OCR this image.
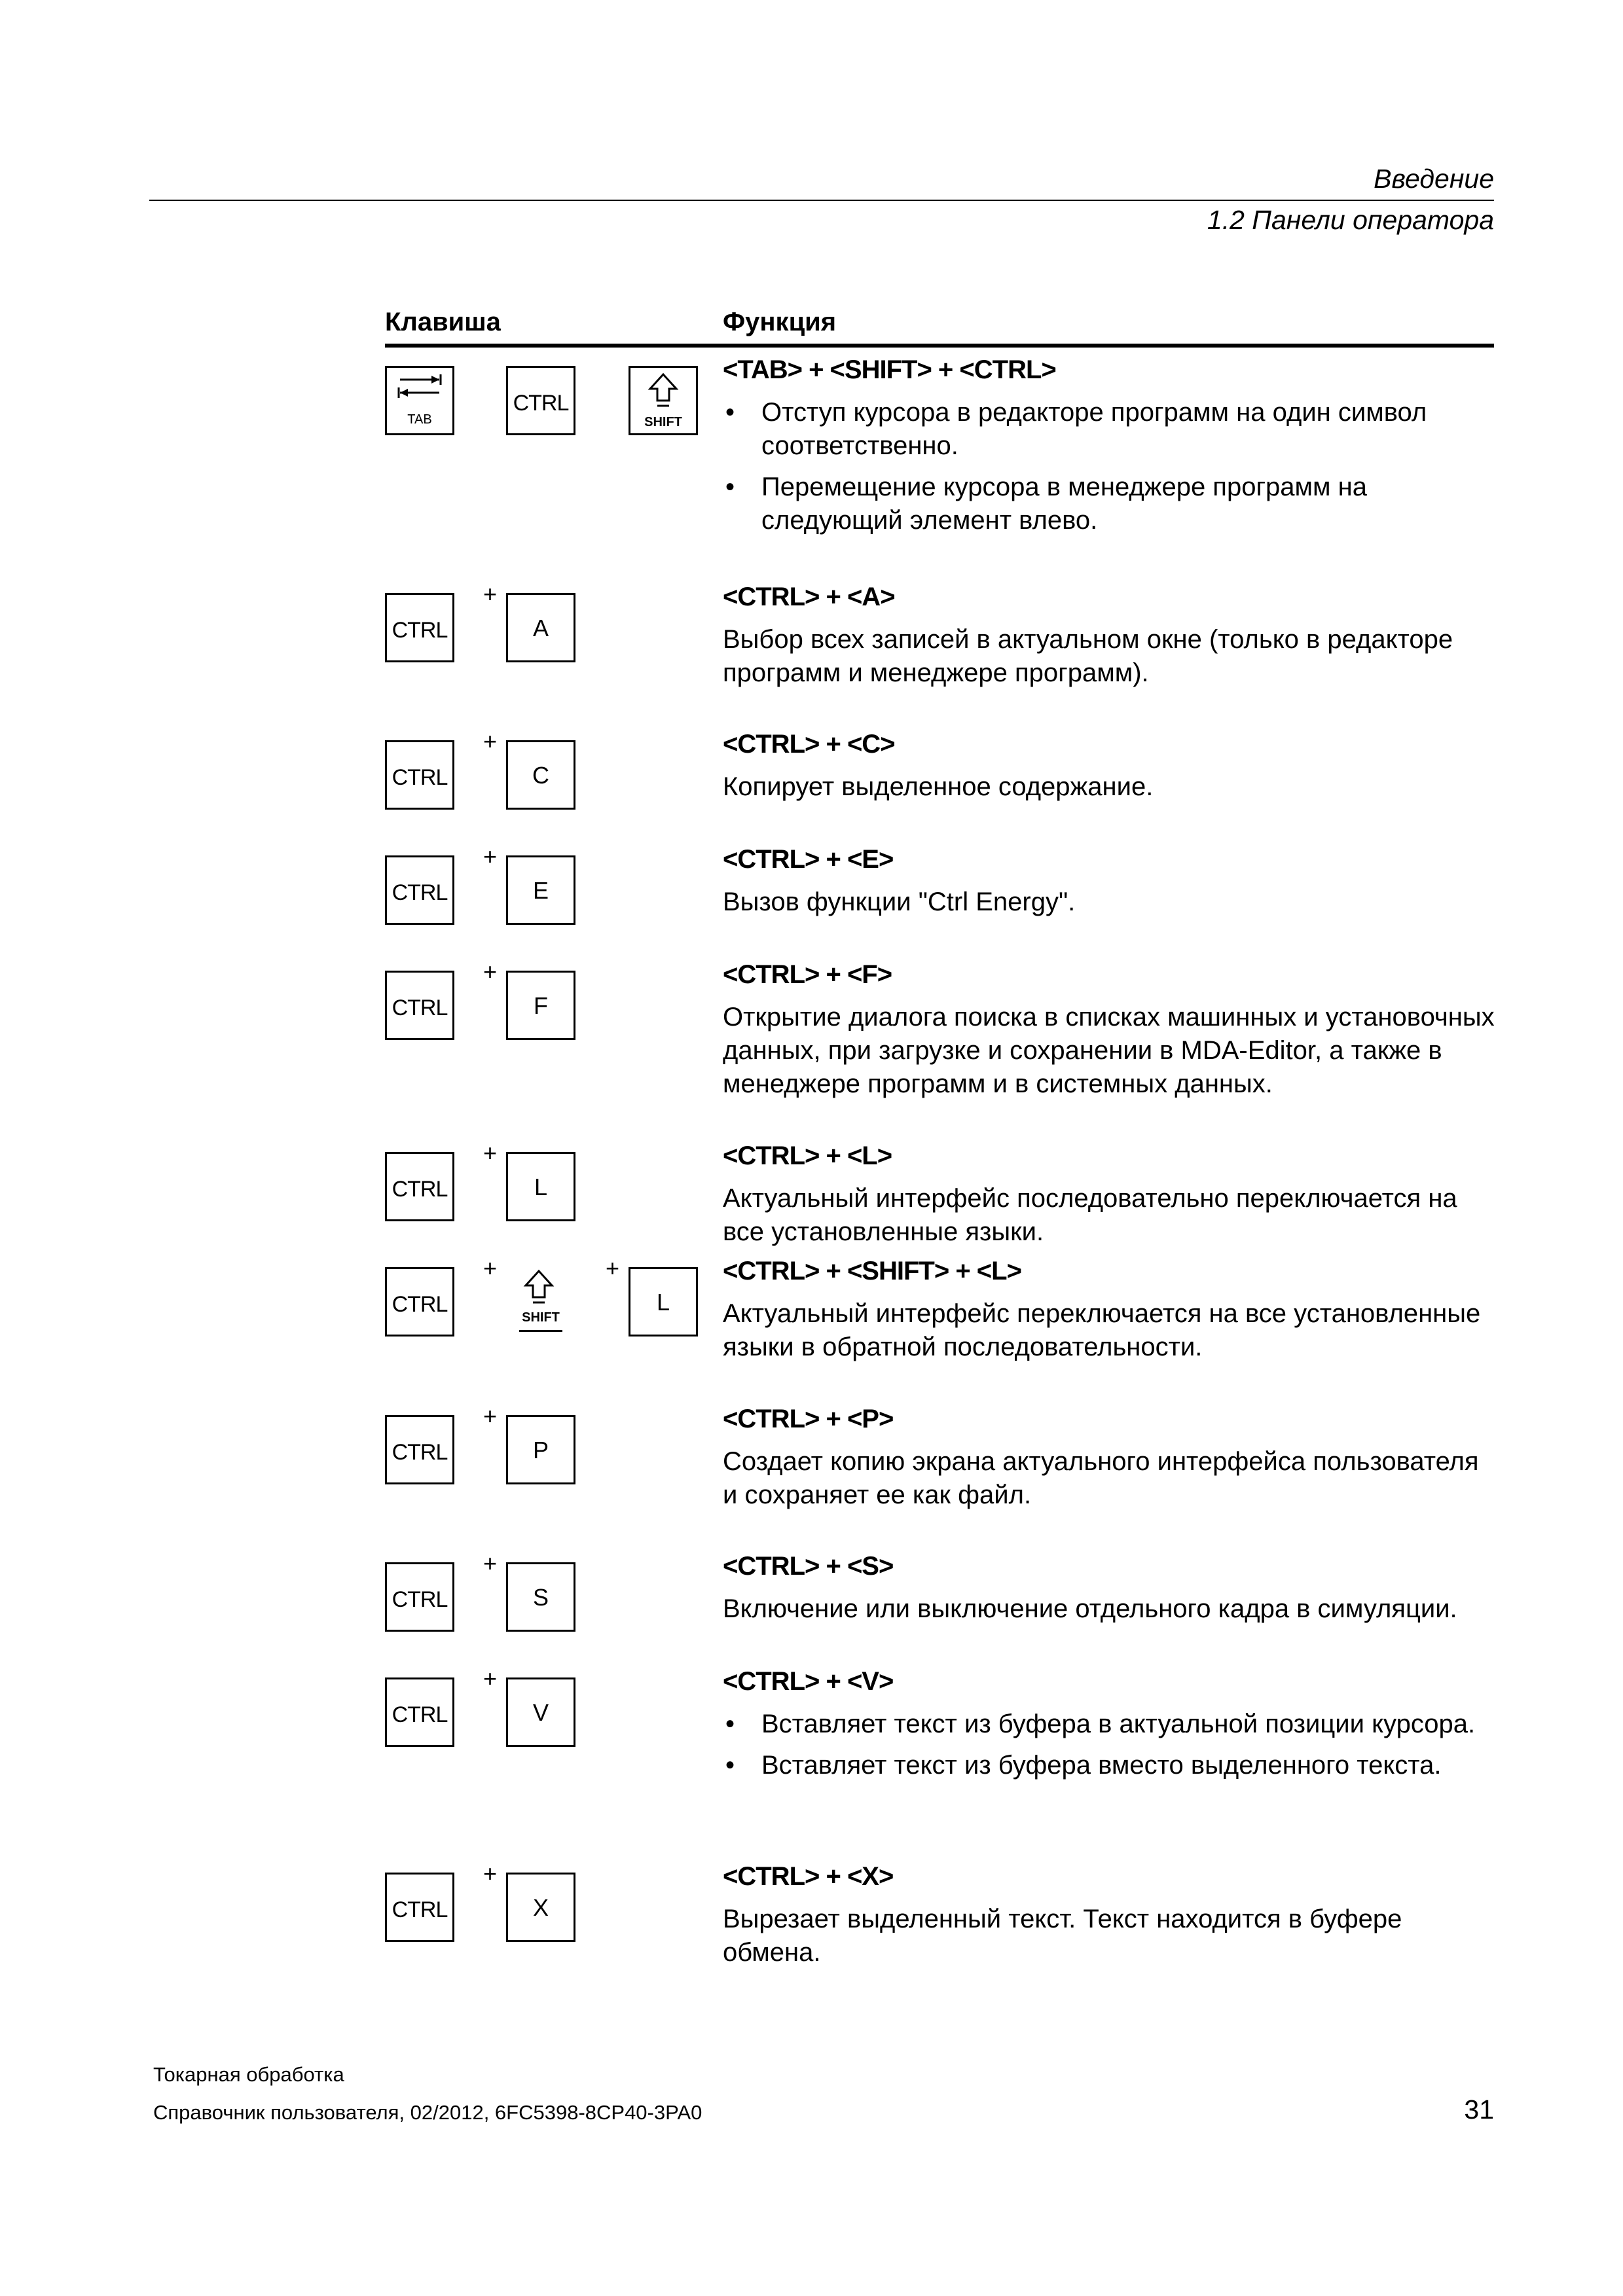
Введение
1.2 Панели оператора
Клавиша	Функция
TAB
CTRL
SHIFT
<TAB> + <SHIFT> + <CTRL>
• Отступ курсора в редакторе программ на один символ соответственно.
• Перемещение курсора в менеджере программ на следующий элемент влево.
CTRL
+
A
<CTRL> + <A>

Выбор всех записей в актуальном окне (только в редакторе программ и менеджере программ).

CTRL
+
C
<CTRL> + <C>

Копирует выделенное содержание.

CTRL
+
E
<CTRL> + <E>

Вызов функции "Ctrl Energy".

CTRL
+
F
<CTRL> + <F>

Открытие диалога поиска в списках машинных и установочных данных, при загрузке и сохранении в MDA-Editor, а также в менеджере программ и в системных данных.

CTRL
+
L
<CTRL> + <L>

Актуальный интерфейс последовательно переключается на все установленные языки.

CTRL
+
SHIFT
+
L
<CTRL> + <SHIFT> + <L>

Актуальный интерфейс переключается на все установленные языки в обратной последовательности.

CTRL
+
P
<CTRL> + <P>

Создает копию экрана актуального интерфейса пользователя и сохраняет ее как файл.

CTRL
+
S
<CTRL> + <S>

Включение или выключение отдельного кадра в симуляции.

CTRL
+
V
<CTRL> + <V>
• Вставляет текст из буфера в актуальной позиции курсора.
• Вставляет текст из буфера вместо выделенного текста.
CTRL
+
X
<CTRL> + <X>

Вырезает выделенный текст. Текст находится в буфере обмена.

Токарная обработка
Справочник пользователя, 02/2012, 6FC5398-8CP40-3PA0	31
